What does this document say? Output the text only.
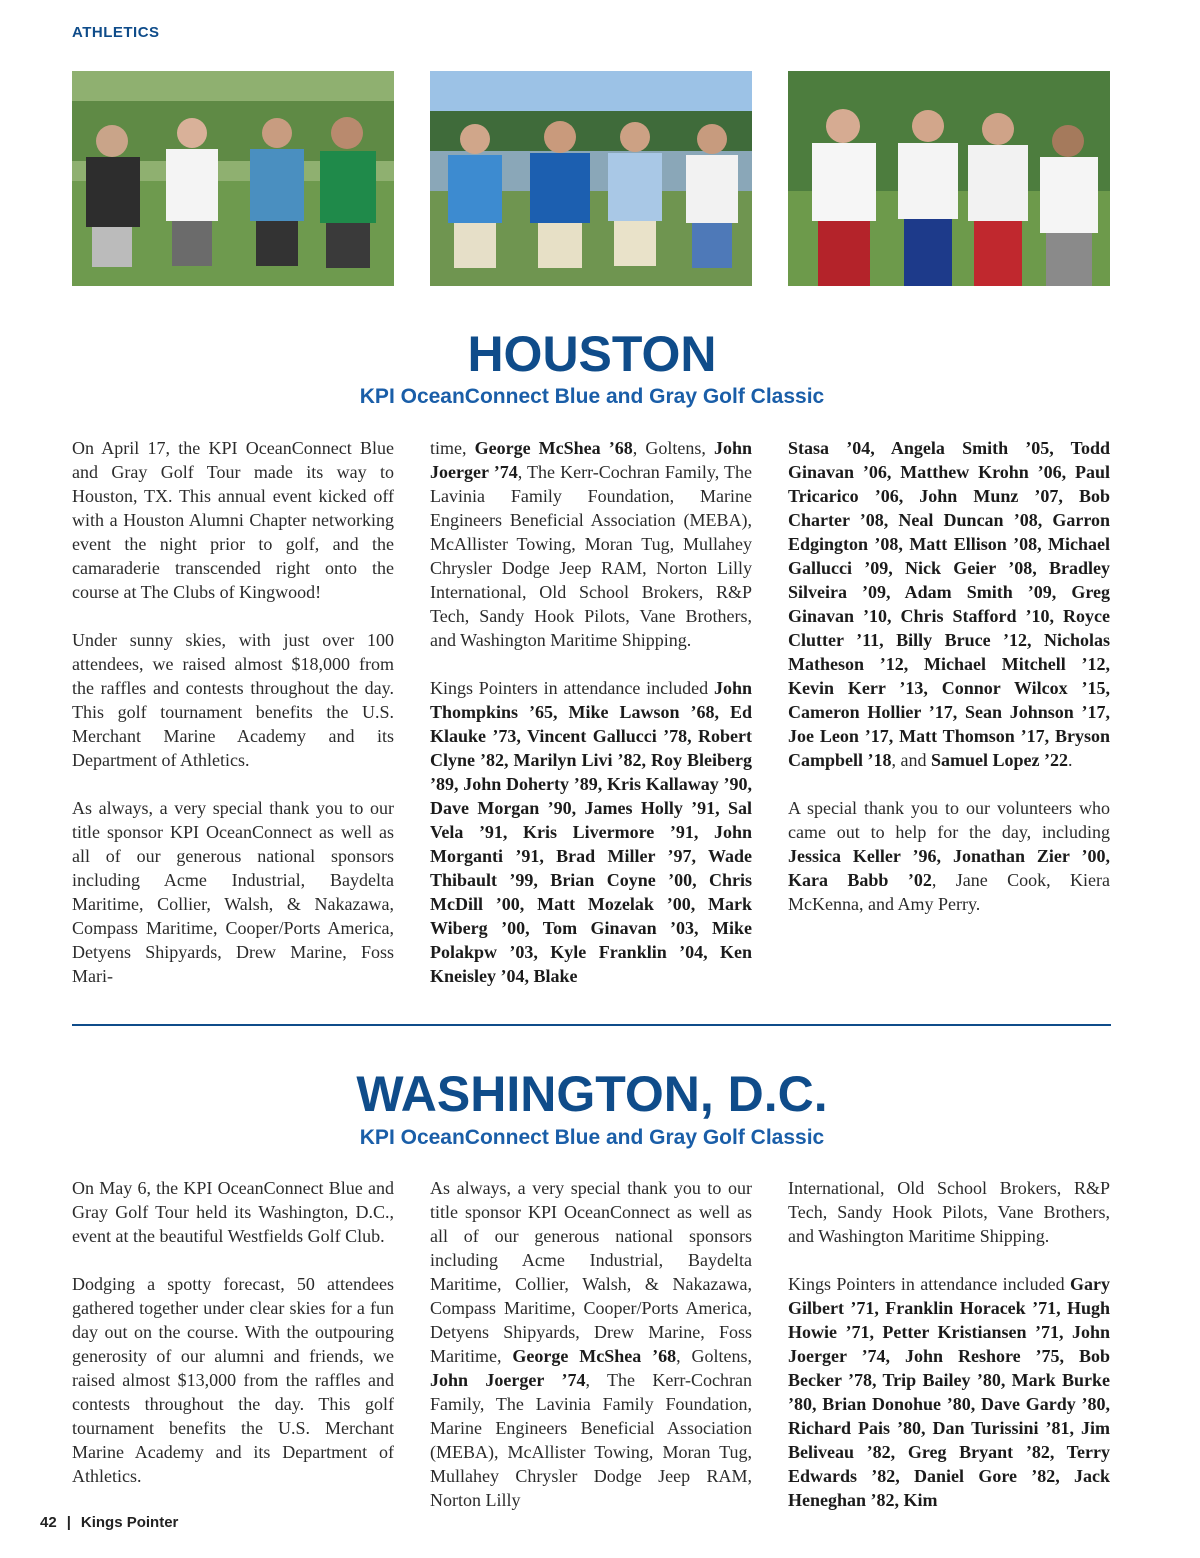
ATHLETICS
HOUSTON
KPI OceanConnect Blue and Gray Golf Classic

On April 17, the KPI OceanConnect Blue and Gray Golf Tour made its way to Houston, TX. This annual event kicked off with a Houston Alumni Chapter networking event the night prior to golf, and the camaraderie transcended right onto the course at The Clubs of Kingwood!

Under sunny skies, with just over 100 attendees, we raised almost $18,000 from the raffles and contests throughout the day. This golf tournament benefits the U.S. Merchant Marine Academy and its Department of Athletics.

As always, a very special thank you to our title sponsor KPI OceanConnect as well as all of our generous national sponsors including Acme Industrial, Baydelta Maritime, Collier, Walsh, & Nakazawa, Compass Maritime, Cooper/Ports America, Detyens Shipyards, Drew Marine, Foss Mari-

time, George McShea ’68, Goltens, John Joerger ’74, The Kerr-Cochran Family, The Lavinia Family Foundation, Marine Engineers Beneficial Association (MEBA), McAllister Towing, Moran Tug, Mullahey Chrysler Dodge Jeep RAM, Norton Lilly International, Old School Brokers, R&P Tech, Sandy Hook Pilots, Vane Brothers, and Washington Maritime Shipping.

Kings Pointers in attendance included John Thompkins ’65, Mike Lawson ’68, Ed Klauke ’73, Vincent Gallucci ’78, Robert Clyne ’82, Marilyn Livi ’82, Roy Bleiberg ’89, John Doherty ’89, Kris Kallaway ’90, Dave Morgan ’90, James Holly ’91, Sal Vela ’91, Kris Livermore ’91, John Morganti ’91, Brad Miller ’97, Wade Thibault ’99, Brian Coyne ’00, Chris McDill ’00, Matt Mozelak ’00, Mark Wiberg ’00, Tom Ginavan ’03, Mike Polakpw ’03, Kyle Franklin ’04, Ken Kneisley ’04, Blake

Stasa ’04, Angela Smith ’05, Todd Ginavan ’06, Matthew Krohn ’06, Paul Tricarico ’06, John Munz ’07, Bob Charter ’08, Neal Duncan ’08, Garron Edgington ’08, Matt Ellison ’08, Michael Gallucci ’09, Nick Geier ’08, Bradley Silveira ’09, Adam Smith ’09, Greg Ginavan ’10, Chris Stafford ’10, Royce Clutter ’11, Billy Bruce ’12, Nicholas Matheson ’12, Michael Mitchell ’12, Kevin Kerr ’13, Connor Wilcox ’15, Cameron Hollier ’17, Sean Johnson ’17, Joe Leon ’17, Matt Thomson ’17, Bryson Campbell ’18, and Samuel Lopez ’22.

A special thank you to our volunteers who came out to help for the day, including Jessica Keller ’96, Jonathan Zier ’00, Kara Babb ’02, Jane Cook, Kiera McKenna, and Amy Perry.

WASHINGTON, D.C.
KPI OceanConnect Blue and Gray Golf Classic

On May 6, the KPI OceanConnect Blue and Gray Golf Tour held its Washington, D.C., event at the beautiful Westfields Golf Club.

Dodging a spotty forecast, 50 attendees gathered together under clear skies for a fun day out on the course. With the outpouring generosity of our alumni and friends, we raised almost $13,000 from the raffles and contests throughout the day. This golf tournament benefits the U.S. Merchant Marine Academy and its Department of Athletics.

As always, a very special thank you to our title sponsor KPI OceanConnect as well as all of our generous national sponsors including Acme Industrial, Baydelta Maritime, Collier, Walsh, & Nakazawa, Compass Maritime, Cooper/Ports America, Detyens Shipyards, Drew Marine, Foss Maritime, George McShea ’68, Goltens, John Joerger ’74, The Kerr-Cochran Family, The Lavinia Family Foundation, Marine Engineers Beneficial Association (MEBA), McAllister Towing, Moran Tug, Mullahey Chrysler Dodge Jeep RAM, Norton Lilly

International, Old School Brokers, R&P Tech, Sandy Hook Pilots, Vane Brothers, and Washington Maritime Shipping.

Kings Pointers in attendance included Gary Gilbert ’71, Franklin Horacek ’71, Hugh Howie ’71, Petter Kristiansen ’71, John Joerger ’74, John Reshore ’75, Bob Becker ’78, Trip Bailey ’80, Mark Burke ’80, Brian Donohue ’80, Dave Gardy ’80, Richard Pais ’80, Dan Turissini ’81, Jim Beliveau ’82, Greg Bryant ’82, Terry Edwards ’82, Daniel Gore ’82, Jack Heneghan ’82, Kim

42 | Kings Pointer
